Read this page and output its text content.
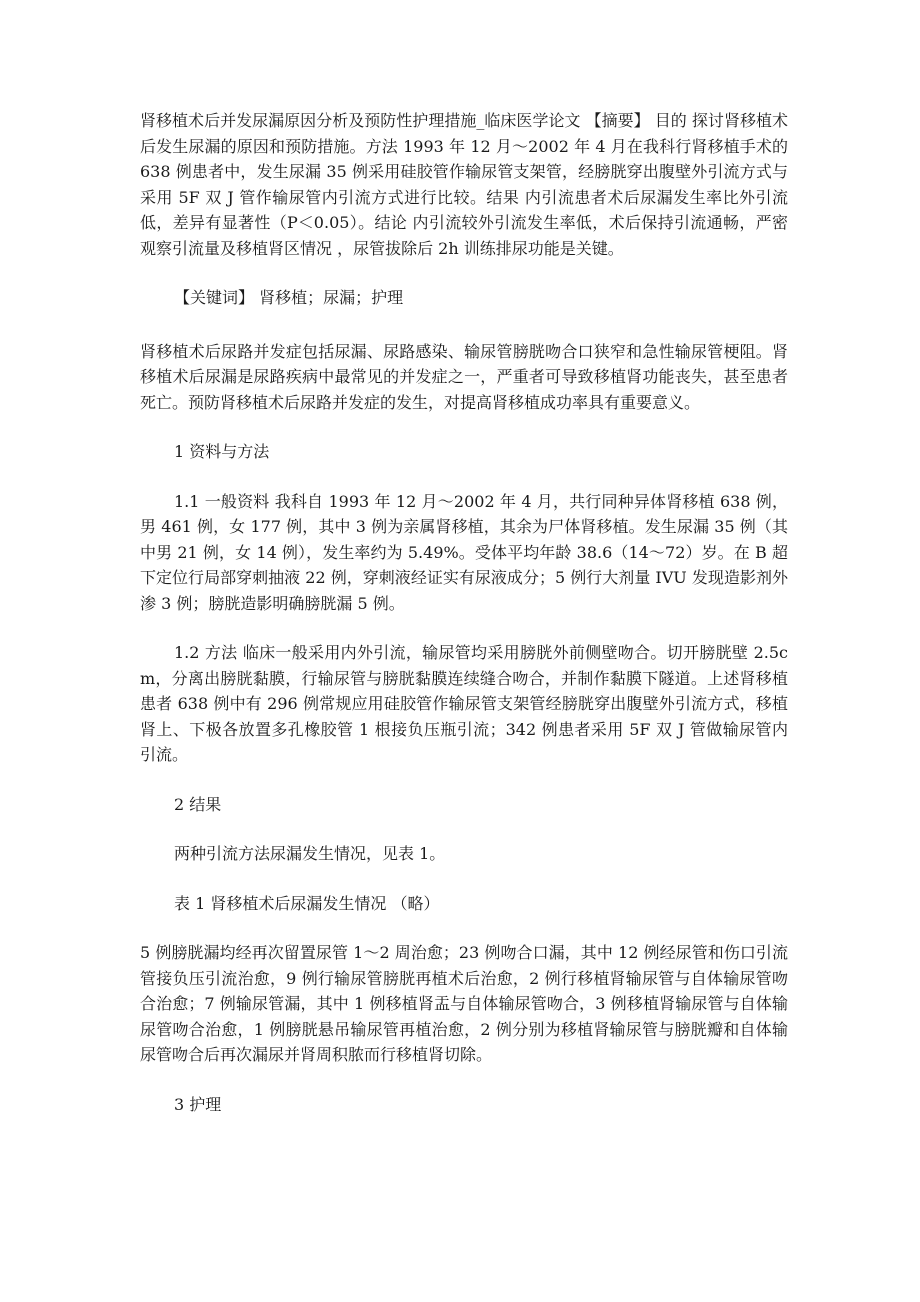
肾移植术后并发尿漏原因分析及预防性护理措施_临床医学论文 【摘要】 目的 探讨肾移植术后发生尿漏的原因和预防措施。方法 1993 年 12 月～2002 年 4 月在我科行肾移植手术的 638 例患者中，发生尿漏 35 例采用硅胶管作输尿管支架管，经膀胱穿出腹壁外引流方式与采用 5F 双 J 管作输尿管内引流方式进行比较。结果 内引流患者术后尿漏发生率比外引流低，差异有显著性（P＜0.05）。结论 内引流较外引流发生率低，术后保持引流通畅，严密观察引流量及移植肾区情况 ，尿管拔除后 2h 训练排尿功能是关键。

【关键词】 肾移植；尿漏；护理

肾移植术后尿路并发症包括尿漏、尿路感染、输尿管膀胱吻合口狭窄和急性输尿管梗阻。肾移植术后尿漏是尿路疾病中最常见的并发症之一，严重者可导致移植肾功能丧失，甚至患者死亡。预防肾移植术后尿路并发症的发生，对提高肾移植成功率具有重要意义。

1 资料与方法

1.1 一般资料 我科自 1993 年 12 月～2002 年 4 月，共行同种异体肾移植 638 例，男 461 例，女 177 例，其中 3 例为亲属肾移植，其余为尸体肾移植。发生尿漏 35 例（其中男 21 例，女 14 例），发生率约为 5.49%。受体平均年龄 38.6（14～72）岁。在 B 超下定位行局部穿刺抽液 22 例，穿刺液经证实有尿液成分；5 例行大剂量 IVU 发现造影剂外渗 3 例；膀胱造影明确膀胱漏 5 例。

1.2 方法 临床一般采用内外引流，输尿管均采用膀胱外前侧壁吻合。切开膀胱壁 2.5cm，分离出膀胱黏膜，行输尿管与膀胱黏膜连续缝合吻合，并制作黏膜下隧道。上述肾移植患者 638 例中有 296 例常规应用硅胶管作输尿管支架管经膀胱穿出腹壁外引流方式，移植肾上、下极各放置多孔橡胶管 1 根接负压瓶引流；342 例患者采用 5F 双 J 管做输尿管内引流。

2 结果

两种引流方法尿漏发生情况，见表 1。

表 1 肾移植术后尿漏发生情况 （略）

5 例膀胱漏均经再次留置尿管 1～2 周治愈；23 例吻合口漏，其中 12 例经尿管和伤口引流管接负压引流治愈，9 例行输尿管膀胱再植术后治愈，2 例行移植肾输尿管与自体输尿管吻合治愈；7 例输尿管漏，其中 1 例移植肾盂与自体输尿管吻合，3 例移植肾输尿管与自体输尿管吻合治愈，1 例膀胱悬吊输尿管再植治愈，2 例分别为移植肾输尿管与膀胱瓣和自体输尿管吻合后再次漏尿并肾周积脓而行移植肾切除。

3 护理
